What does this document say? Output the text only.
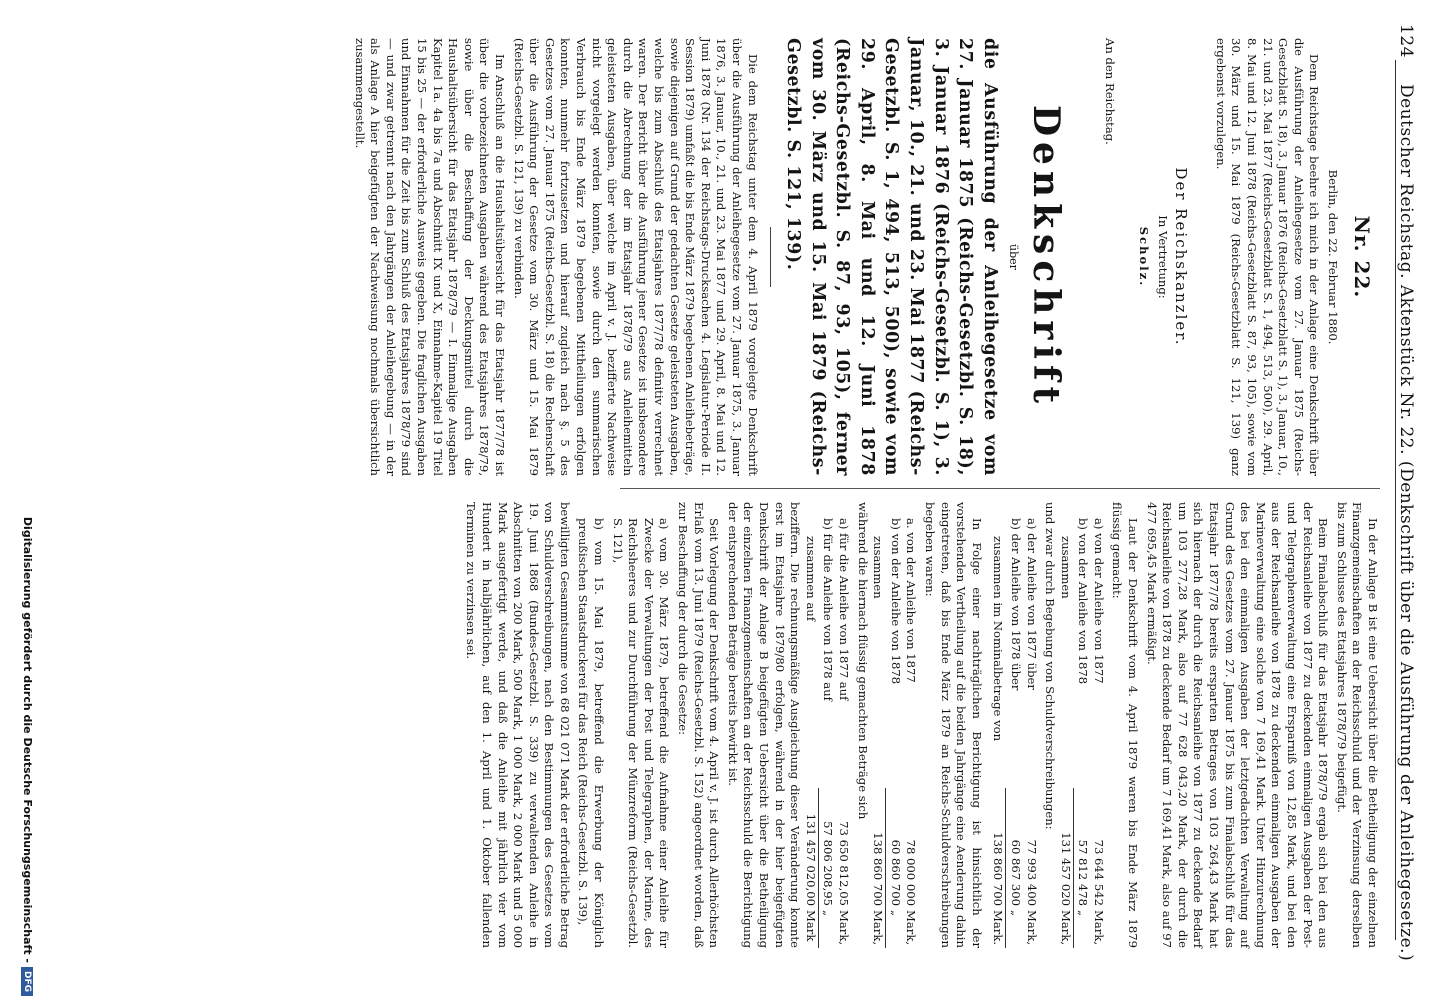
124
Deutscher Reichstag. Aktenstück Nr. 22. (Denkschrift über die Ausführung der Anleihegesetze.)
Nr. 22.

Berlin, den 22. Februar 1880.

Dem Reichstage beehre ich mich in der Anlage eine Denkschrift über die Ausführung der Anleihegesetze vom 27. Januar 1875 (Reichs-Gesetzblatt S. 18), 3. Januar 1876 (Reichs-Gesetzblatt S. 1), 3. Januar, 10., 21. und 23. Mai 1877 (Reichs-Gesetzblatt S. 1, 494, 513, 500), 29. April, 8. Mai und 12. Juni 1878 (Reichs-Gesetzblatt S. 87, 93, 105), sowie vom 30. März und 15. Mai 1879 (Reichs-Gesetzblatt S. 121, 139) ganz ergebenst vorzulegen.

Der Reichskanzler.
In Vertretung:
Scholz.
An den Reichstag.
Denkschrift
über
die Ausführung der Anleihegesetze vom 27. Januar 1875 (Reichs-Gesetzbl. S. 18), 3. Januar 1876 (Reichs-Gesetzbl. S. 1), 3. Januar, 10., 21. und 23. Mai 1877 (Reichs-Gesetzbl. S. 1, 494, 513, 500), sowie vom 29. April, 8. Mai und 12. Juni 1878 (Reichs-Gesetzbl. S. 87, 93, 105), ferner vom 30. März und 15. Mai 1879 (Reichs-Gesetzbl. S. 121, 139).

Die dem Reichstag unter dem 4. April 1879 vorgelegte Denkschrift über die Ausführung der Anleihegesetze vom 27. Januar 1875, 3. Januar 1876, 3. Januar, 10., 21. und 23. Mai 1877 und 29. April, 8. Mai und 12. Juni 1878 (Nr. 134 der Reichstags-Drucksachen 4. Legislatur-Periode II. Session 1879) umfaßt die bis Ende März 1879 begebenen Anleihebeträge, sowie diejenigen auf Grund der gedachten Gesetze geleisteten Ausgaben, welche bis zum Abschluß des Etatsjahres 1877/78 definitiv verrechnet waren. Der Bericht über die Ausführung jener Gesetze ist insbesondere durch die Abrechnung der im Etatsjahr 1878/79 aus Anleihemitteln geleisteten Ausgaben, über welche im April v. J. bezifferte Nachweise nicht vorgelegt werden konnten, sowie durch den summarischen Verbrauch bis Ende März 1879 begebenen Mittheilungen erfolgen konnten, nunmehr fortzusetzen und hierauf zugleich nach §. 5 des Gesetzes vom 27. Januar 1875 (Reichs-Gesetzbl. S. 18) die Rechenschaft über die Ausführung der Gesetze vom 30. März und 15. Mai 1879 (Reichs-Gesetzbl. S. 121, 139) zu verbinden.

Im Anschluß an die Haushaltsübersicht für das Etatsjahr 1877/78 ist über die vorbezeichneten Ausgaben während des Etatsjahres 1878/79, sowie über die Beschaffung der Deckungsmittel durch die Haushaltsübersicht für das Etatsjahr 1878/79 — I. Einmalige Ausgaben Kapitel 1a. 4a bis 7a und Abschnitt IX und X, Einnahme-Kapitel 19 Titel 15 bis 25 — der erforderliche Ausweis gegeben. Die fraglichen Ausgaben und Einnahmen für die Zeit bis zum Schluß des Etatsjahres 1878/79 sind — und zwar getrennt nach den Jahrgängen der Anleihegebung — in der als Anlage A hier beigefügten der Nachweisung nochmals übersichtlich zusammengestellt.

In der Anlage B ist eine Uebersicht über die Betheiligung der einzelnen Finanzgemeinschaften an der Reichsschuld und der Verzinsung derselben bis zum Schlusse des Etatsjahres 1878/79 beigefügt.

Beim Finalabschluß für das Etatsjahr 1878/79 ergab sich bei den aus der Reichsanleihe von 1877 zu deckenden einmaligen Ausgaben der Post- und Telegraphenverwaltung eine Ersparniß von 12,85 Mark, und bei den aus der Reichsanleihe von 1878 zu deckenden einmaligen Ausgaben der Marineverwaltung eine solche von 7 169,41 Mark. Unter Hinzurechnung des bei den einmaligen Ausgaben der letztgedachten Verwaltung auf Grund des Gesetzes vom 27. Januar 1875 bis zum Finalabschluß für das Etatsjahr 1877/78 bereits ersparten Betrages von 103 264,43 Mark hat sich hiernach der durch die Reichsanleihe von 1877 zu deckende Bedarf um 103 277,28 Mark, also auf 77 628 043,20 Mark, der durch die Reichsanleihe von 1878 zu deckende Bedarf um 7 169,41 Mark, also auf 97 477 695,45 Mark ermäßigt.

Laut der Denkschrift vom 4. April 1879 waren bis Ende März 1879 flüssig gemacht:

a) von der Anleihe von 1877
73 644 542
Mark,
b) von der Anleihe von 1878
57 812 478
„
zusammen
131 457 020
Mark,

und zwar durch Begebung von Schuldverschreibungen:

a) der Anleihe von 1877 über
77 993 400
Mark,
b) der Anleihe von 1878 über
60 867 300
„
zusammen im Nominalbetrage von
138 860 700
Mark.

In Folge einer nachträglichen Berichtigung ist hinsichtlich der vorstehenden Vertheilung auf die beiden Jahrgänge eine Aenderung dahin eingetreten, daß bis Ende März 1879 an Reichs-Schuldverschreibungen begeben waren:

a. von der Anleihe von 1877
78 000 000
Mark,
b) von der Anleihe von 1878
60 860 700
„
zusammen
138 860 700
Mark,

während die hiernach flüssig gemachten Beträge sich

a) für die Anleihe von 1877 auf
73 650 812,05
Mark,
b) für die Anleihe von 1878 auf
57 806 208,95
„
zusammen auf
131 457 020,00
Mark

beziffern. Die rechnungsmäßige Ausgleichung dieser Veränderung konnte erst im Etatsjahre 1879/80 erfolgen, während in der hier beigefügten Denkschrift der Anlage B beigefügten Uebersicht über die Betheiligung der einzelnen Finanzgemeinschaften an der Reichsschuld die Berichtigung der entsprechenden Beträge bereits bewirkt ist.

Seit Vorlegung der Denkschrift vom 4. April v. J. ist durch Allerhöchsten Erlaß vom 13. Juni 1879 (Reichs-Gesetzbl. S. 152) angeordnet worden, daß zur Beschaffung der durch die Gesetze:

a) vom 30. März 1879, betreffend die Aufnahme einer Anleihe für Zwecke der Verwaltungen der Post und Telegraphen, der Marine, des Reichsheeres und zur Durchführung der Münzreform (Reichs-Gesetzbl. S. 121),

b) vom 15. Mai 1879, betreffend die Erwerbung der Königlich preußischen Staatsdruckerei für das Reich (Reichs-Gesetzbl. S. 139),

bewilligten Gesammtsumme von 68 021 071 Mark der erforderliche Betrag von Schuldverschreibungen, nach den Bestimmungen des Gesetzes vom 19. Juni 1868 (Bundes-Gesetzbl. S. 339) zu verwaltenden Anleihe in Abschnitten von 200 Mark, 500 Mark, 1 000 Mark, 2 000 Mark und 5 000 Mark ausgefertigt werde, und daß die Anleihe mit jährlich vier vom Hundert in halbjährlichen, auf den 1. April und 1. Oktober fallenden Terminen zu verzinsen sei.

Digitalisierung gefördert durch die Deutsche Forschungsgemeinschaft -DFG
